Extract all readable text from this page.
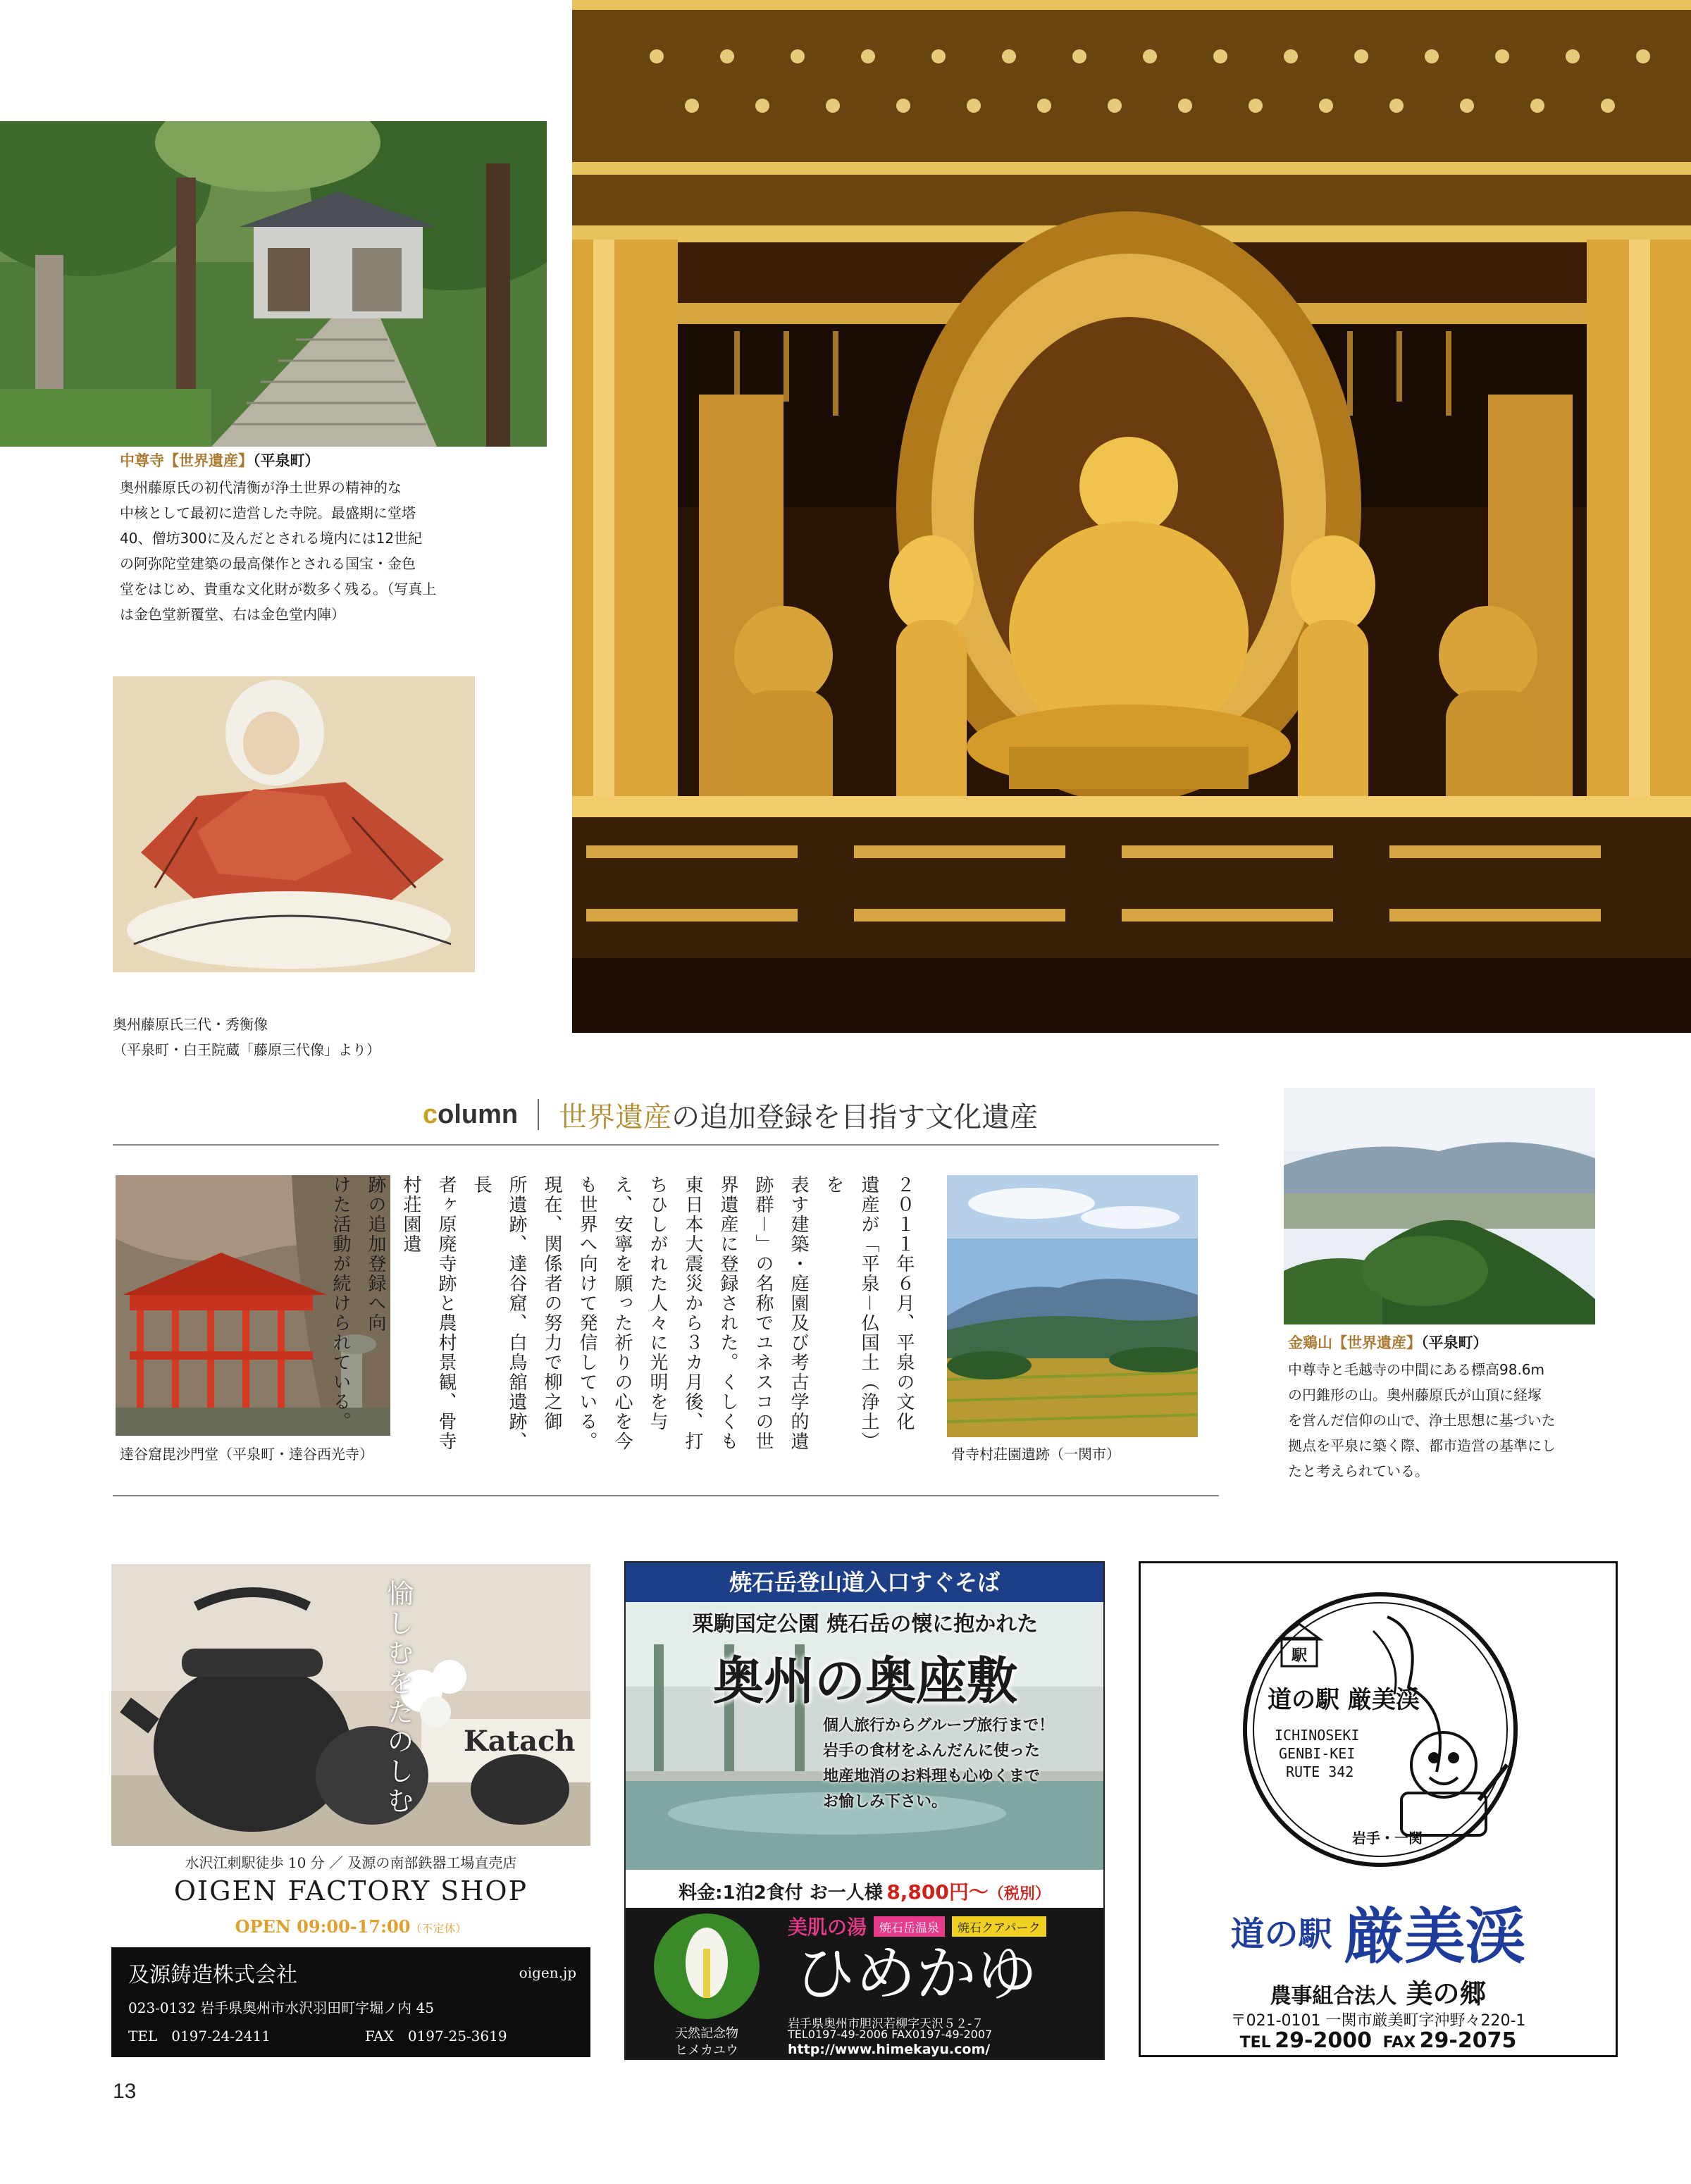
中尊寺【世界遺産】（平泉町）
奥州藤原氏の初代清衡が浄土世界の精神的な
中核として最初に造営した寺院。最盛期に堂塔
40、僧坊300に及んだとされる境内には12世紀
の阿弥陀堂建築の最高傑作とされる国宝・金色
堂をはじめ、貴重な文化財が数多く残る。（写真上
は金色堂新覆堂、右は金色堂内陣）
奥州藤原氏三代・秀衡像
（平泉町・白王院蔵「藤原三代像」より）
column 世界遺産の追加登録を目指す文化遺産
達谷窟毘沙門堂（平泉町・達谷西光寺）
２０１１年６月、平泉の文化
遺産が「平泉－仏国土（浄土）を
表す建築・庭園及び考古学的遺
跡群－」の名称でユネスコの世
界遺産に登録された。くしくも
東日本大震災から３カ月後、打
ちひしがれた人々に光明を与
え、安寧を願った祈りの心を今
も世界へ向けて発信している。
現在、関係者の努力で柳之御
所遺跡、達谷窟、白鳥舘遺跡、長
者ヶ原廃寺跡と農村景観、骨寺村荘園遺
跡の追加登録へ向
けた活動が続けられている。
骨寺村荘園遺跡（一関市）
金鶏山【世界遺産】（平泉町）
中尊寺と毛越寺の中間にある標高98.6m
の円錐形の山。奥州藤原氏が山頂に経塚
を営んだ信仰の山で、浄土思想に基づいた
拠点を平泉に築く際、都市造営の基準にし
たと考えられている。
愉しむをたのしむ Katach
水沢江刺駅徒歩 10 分 ／ 及源の南部鉄器工場直売店
OIGEN FACTORY SHOP
OPEN 09:00-17:00（不定休）
及源鋳造株式会社	oigen.jp
023-0132 岩手県奥州市水沢羽田町字堀ノ内 45
TEL　0197-24-2411	FAX　0197-25-3619
焼石岳登山道入口すぐそば
栗駒国定公園 焼石岳の懐に抱かれた
奥州の奥座敷
個人旅行からグループ旅行まで！
岩手の食材をふんだんに使った
地産地消のお料理も心ゆくまで
お愉しみ下さい。
料金:1泊2食付 お一人様 8,800円〜（税別）
天然記念物
ヒメカユウ
美肌の湯	焼石岳温泉	焼石クアパーク
ひめかゆ
岩手県奥州市胆沢若柳字天沢５２-７
TEL0197-49-2006 FAX0197-49-2007
http://www.himekayu.com/
道の駅 厳美渓
ICHINOSEKI
GENBI-KEI
RUTE 342
駅
岩手・一関
道の駅 厳美渓
農事組合法人 美の郷
〒021-0101 一関市厳美町字沖野々220-1
TEL 29-2000 FAX 29-2075
13
